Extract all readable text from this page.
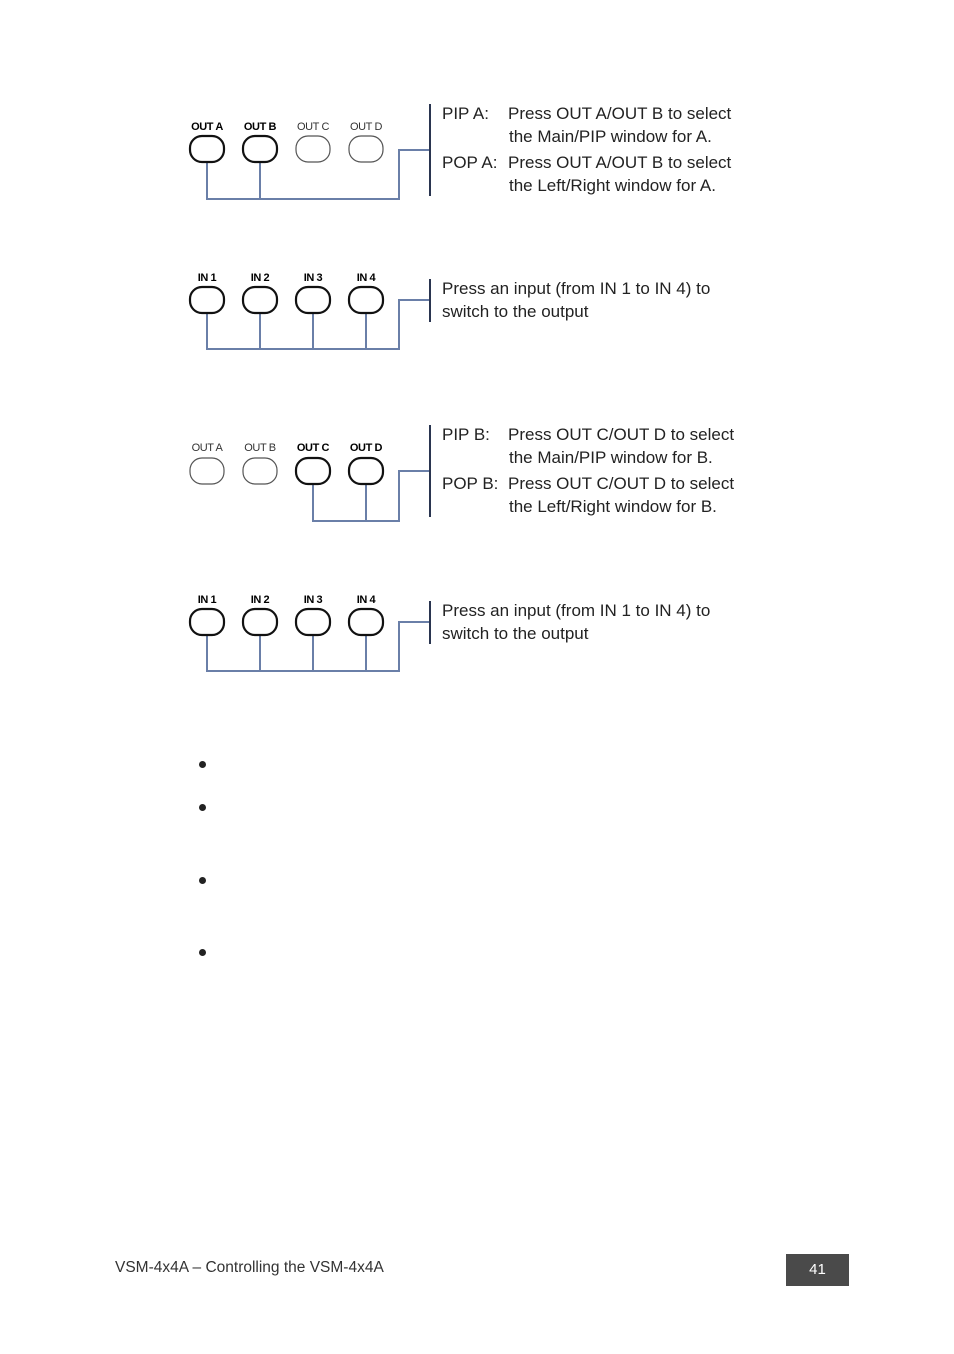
OUT A	OUT B	OUT C	OUT D
PIP A: Press OUT A/OUT B to select
the Main/PIP window for A.
POP A: Press OUT A/OUT B to select
the Left/Right window for A.
IN 1	IN 2	IN 3	IN 4
Press an input (from IN 1 to IN 4) to
switch to the output
OUT A	OUT B	OUT C	OUT D
PIP B: Press OUT C/OUT D to select
the Main/PIP window for B.
POP B: Press OUT C/OUT D to select
the Left/Right window for B.
IN 1	IN 2	IN 3	IN 4
Press an input (from IN 1 to IN 4) to
switch to the output
VSM-4x4A – Controlling the VSM-4x4A	41
